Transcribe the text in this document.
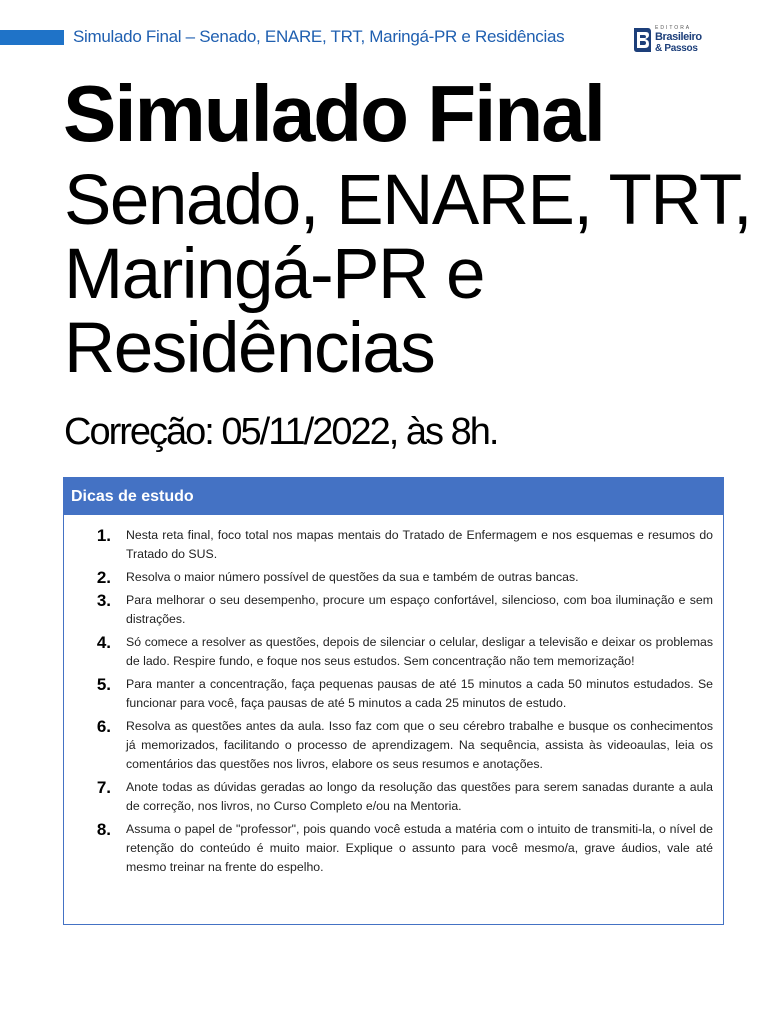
Simulado Final – Senado, ENARE, TRT, Maringá-PR e Residências	EDITORA
Brasileiro
& Passos
Simulado Final
Senado, ENARE, TRT, Maringá-PR e Residências
Correção: 05/11/2022, às 8h.
Dicas de estudo
1. Nesta reta final, foco total nos mapas mentais do Tratado de Enfermagem e nos esquemas e resumos do Tratado do SUS.
2. Resolva o maior número possível de questões da sua e também de outras bancas.
3. Para melhorar o seu desempenho, procure um espaço confortável, silencioso, com boa iluminação e sem distrações.
4. Só comece a resolver as questões, depois de silenciar o celular, desligar a televisão e deixar os problemas de lado. Respire fundo, e foque nos seus estudos. Sem concentração não tem memorização!
5. Para manter a concentração, faça pequenas pausas de até 15 minutos a cada 50 minutos estudados. Se funcionar para você, faça pausas de até 5 minutos a cada 25 minutos de estudo.
6. Resolva as questões antes da aula. Isso faz com que o seu cérebro trabalhe e busque os conhecimentos já memorizados, facilitando o processo de aprendizagem. Na sequência, assista às videoaulas, leia os comentários das questões nos livros, elabore os seus resumos e anotações.
7. Anote todas as dúvidas geradas ao longo da resolução das questões para serem sanadas durante a aula de correção, nos livros, no Curso Completo e/ou na Mentoria.
8. Assuma o papel de "professor", pois quando você estuda a matéria com o intuito de transmiti-la, o nível de retenção do conteúdo é muito maior. Explique o assunto para você mesmo/a, grave áudios, vale até mesmo treinar na frente do espelho.
